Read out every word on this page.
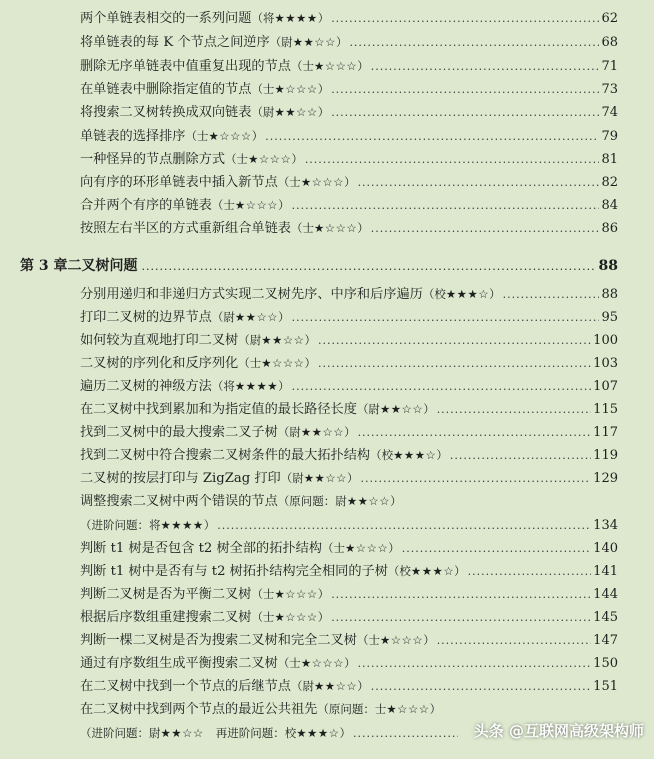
两个单链表相交的一系列问题 （将 ★★★★ ） .....	62
将单链表的每 K 个节点之间逆序 （尉 ★★☆☆ ） .....	68
删除无序单链表中值重复出现的节点 （士 ★☆☆☆ ） .....	71
在单链表中删除指定值的节点 （士 ★☆☆☆ ） .....	73
将搜索二叉树转换成双向链表 （尉 ★★☆☆ ） .....	74
单链表的选择排序 （士 ★☆☆☆ ） .....	79
一种怪异的节点删除方式 （士 ★☆☆☆ ） .....	81
向有序的环形单链表中插入新节点 （士 ★☆☆☆ ） .....	82
合并两个有序的单链表 （士 ★☆☆☆ ） .....	84
按照左右半区的方式重新组合单链表 （士 ★☆☆☆ ） .....	86
第 3 章 二叉树问题 .....	88
分别用递归和非递归方式实现二叉树先序、中序和后序遍历 （校 ★★★☆ ） .....	88
打印二叉树的边界节点 （尉 ★★☆☆ ） .....	95
如何较为直观地打印二叉树 （尉 ★★☆☆ ） .....	100
二叉树的序列化和反序列化 （士 ★☆☆☆ ） .....	103
遍历二叉树的神级方法 （将 ★★★★ ） .....	107
在二叉树中找到累加和为指定值的最长路径长度 （尉 ★★☆☆ ） .....	115
找到二叉树中的最大搜索二叉子树 （尉 ★★☆☆ ） .....	117
找到二叉树中符合搜索二叉树条件的最大拓扑结构 （校 ★★★☆ ） .....	119
二叉树的按层打印与 ZigZag 打印 （尉 ★★☆☆ ） .....	129
调整搜索二叉树中两个错误的节点 （原问题：尉 ★★☆☆ ）
（进阶问题：将 ★★★★ ） .....	134
判断 t1 树是否包含 t2 树全部的拓扑结构 （士 ★☆☆☆ ） .....	140
判断 t1 树中是否有与 t2 树拓扑结构完全相同的子树 （校 ★★★☆ ） .....	141
判断二叉树是否为平衡二叉树 （士 ★☆☆☆ ） .....	144
根据后序数组重建搜索二叉树 （士 ★☆☆☆ ） .....	145
判断一棵二叉树是否为搜索二叉树和完全二叉树 （士 ★☆☆☆ ） .....	147
通过有序数组生成平衡搜索二叉树 （士 ★☆☆☆ ） .....	150
在二叉树中找到一个节点的后继节点 （尉 ★★☆☆ ） .....	151
在二叉树中找到两个节点的最近公共祖先 （原问题：士 ★☆☆☆ ）
（进阶问题：尉 ★★☆☆ 再进阶问题：校 ★★★☆ ） .....	头条 @互联网高级架构师
